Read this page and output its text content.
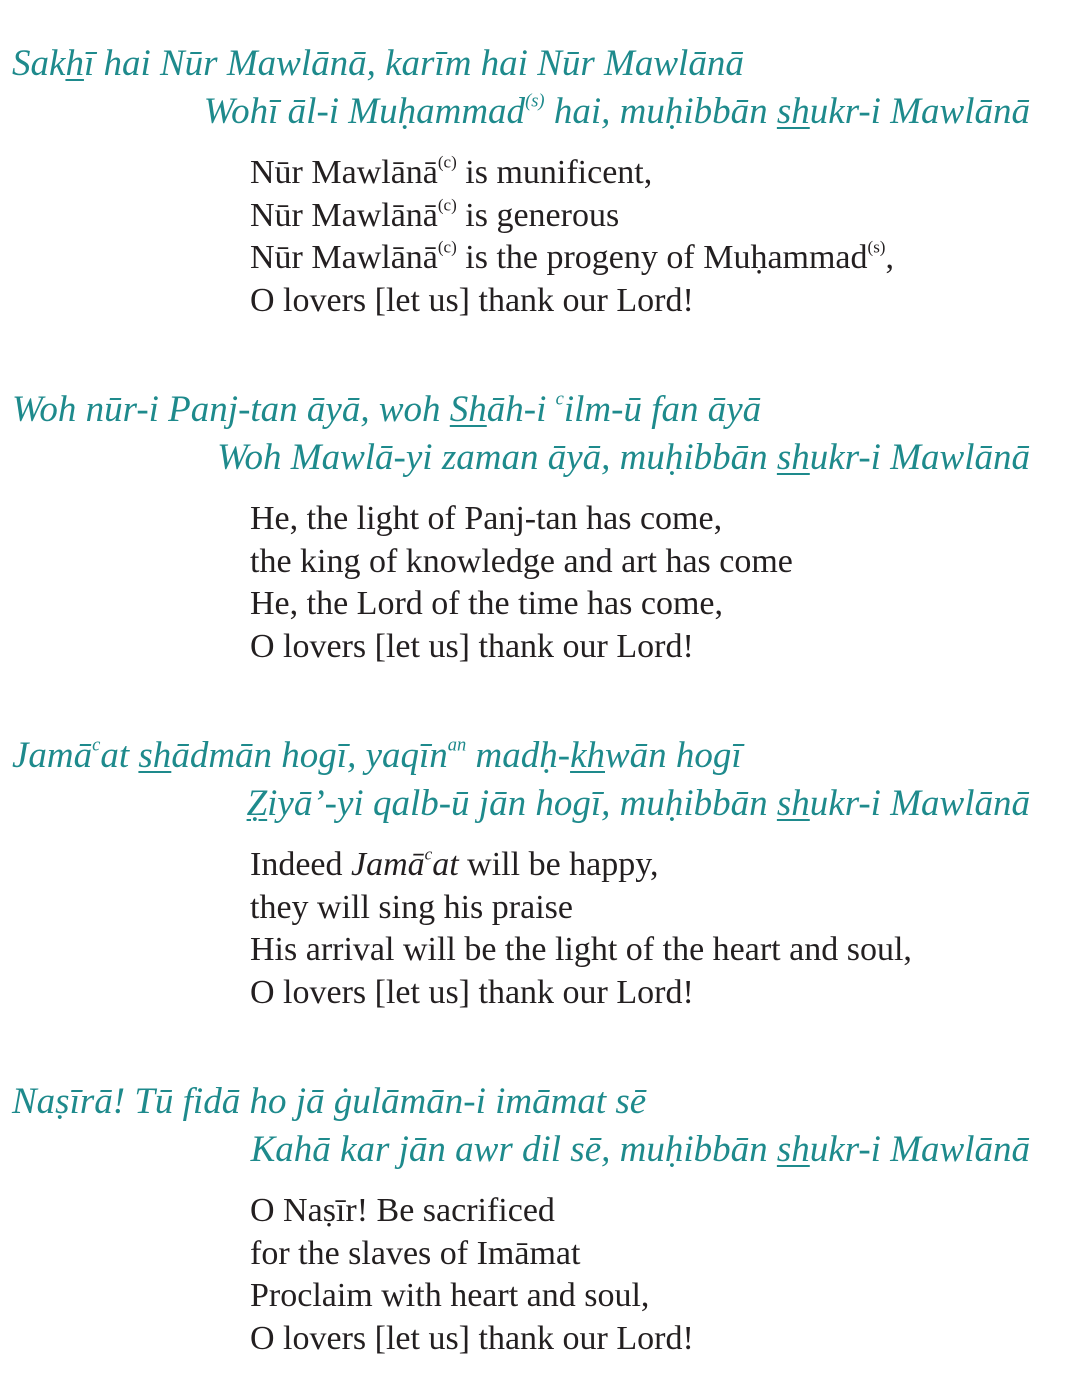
Sakhī hai Nūr Mawlānā, karīm hai Nūr Mawlānā
Wohī āl-i Muḥammad$^{(s)}$ hai, muḥibbān shukr-i Mawlānā
Nūr Mawlānā$^{(c)}$ is munificent,
Nūr Mawlānā$^{(c)}$ is generous
Nūr Mawlānā$^{(c)}$ is the progeny of Muḥammad$^{(s)}$,
O lovers [let us] thank our Lord!
Woh nūr-i Panj-tan āyā, woh Shāh-i $^c$ilm-ū fan āyā
Woh Mawlā-yi zaman āyā, muḥibbān shukr-i Mawlānā
He, the light of Panj-tan has come,
the king of knowledge and art has come
He, the Lord of the time has come,
O lovers [let us] thank our Lord!
Jamā$^c$at shādmān hogī, yaqīn$^{an}$ madḥ-khwān hogī
Ẓiyā’-yi qalb-ū jān hogī, muḥibbān shukr-i Mawlānā
Indeed Jamā$^c$at will be happy,
they will sing his praise
His arrival will be the light of the heart and soul,
O lovers [let us] thank our Lord!
Naṣīrā! Tū fidā ho jā ġulāmān-i imāmat sē
Kahā kar jān awr dil sē, muḥibbān shukr-i Mawlānā
O Naṣīr! Be sacrificed
for the slaves of Imāmat
Proclaim with heart and soul,
O lovers [let us] thank our Lord!
